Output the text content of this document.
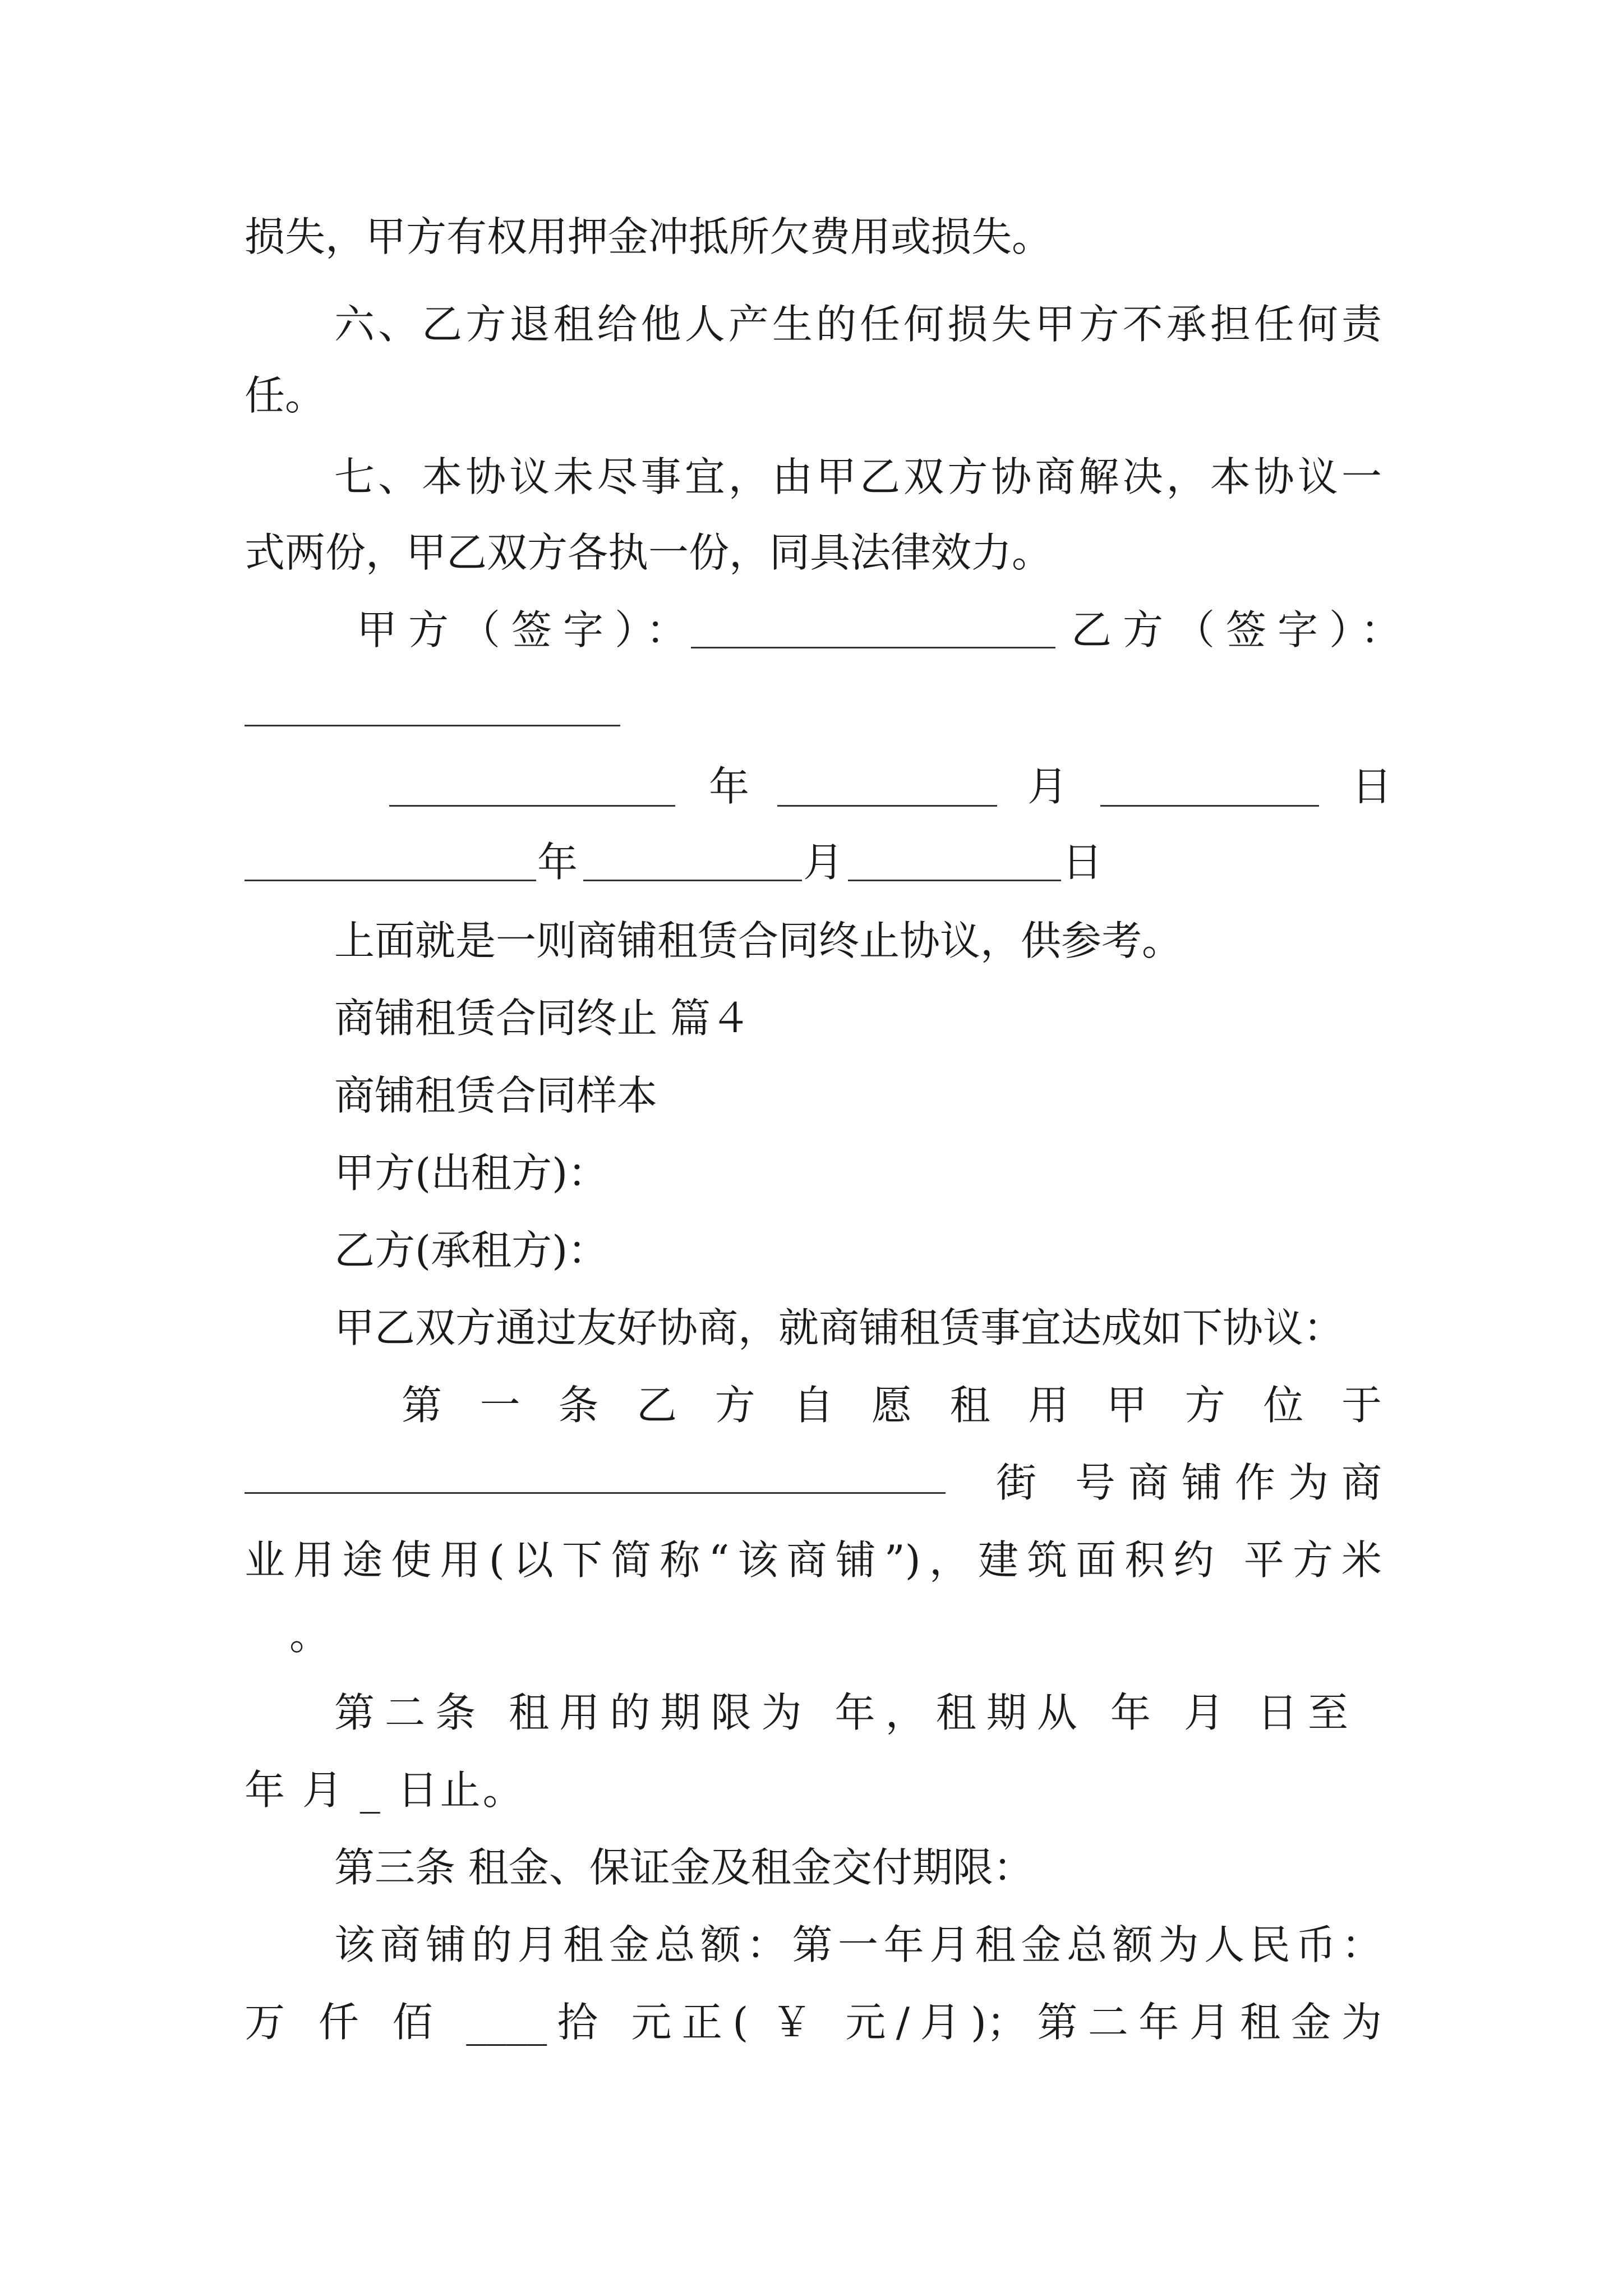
损失，甲方有权用押金冲抵所欠费用或损失。
六、乙方退租给他人产生的任何损失甲方不承担任何责
任。
七、本协议未尽事宜，由甲乙双方协商解决，本协议一
式两份，甲乙双方各执一份，同具法律效力。
甲方（签字）：	乙方（签字）：
年	月	日
年	月	日
上面就是一则商铺租赁合同终止协议，供参考。
商铺租赁合同终止 篇４
商铺租赁合同样本
甲方(出租方)：
乙方(承租方)：
甲乙双方通过友好协商，就商铺租赁事宜达成如下协议：
第 一 条 乙 方 自 愿 租 用 甲 方 位 于
街 号商铺作为商
业用途使用(以下简称“该商铺”)，建筑面积约 平方米
。
第二条 租用的期限为 年，租期从 年 月 日至
年 月 _ 日止。
第三条 租金、保证金及租金交付期限：
该商铺的月租金总额：第一年月租金总额为人民币：
万 仟 佰 ____拾 元正( ￥ 元/月)；第二年月租金为
